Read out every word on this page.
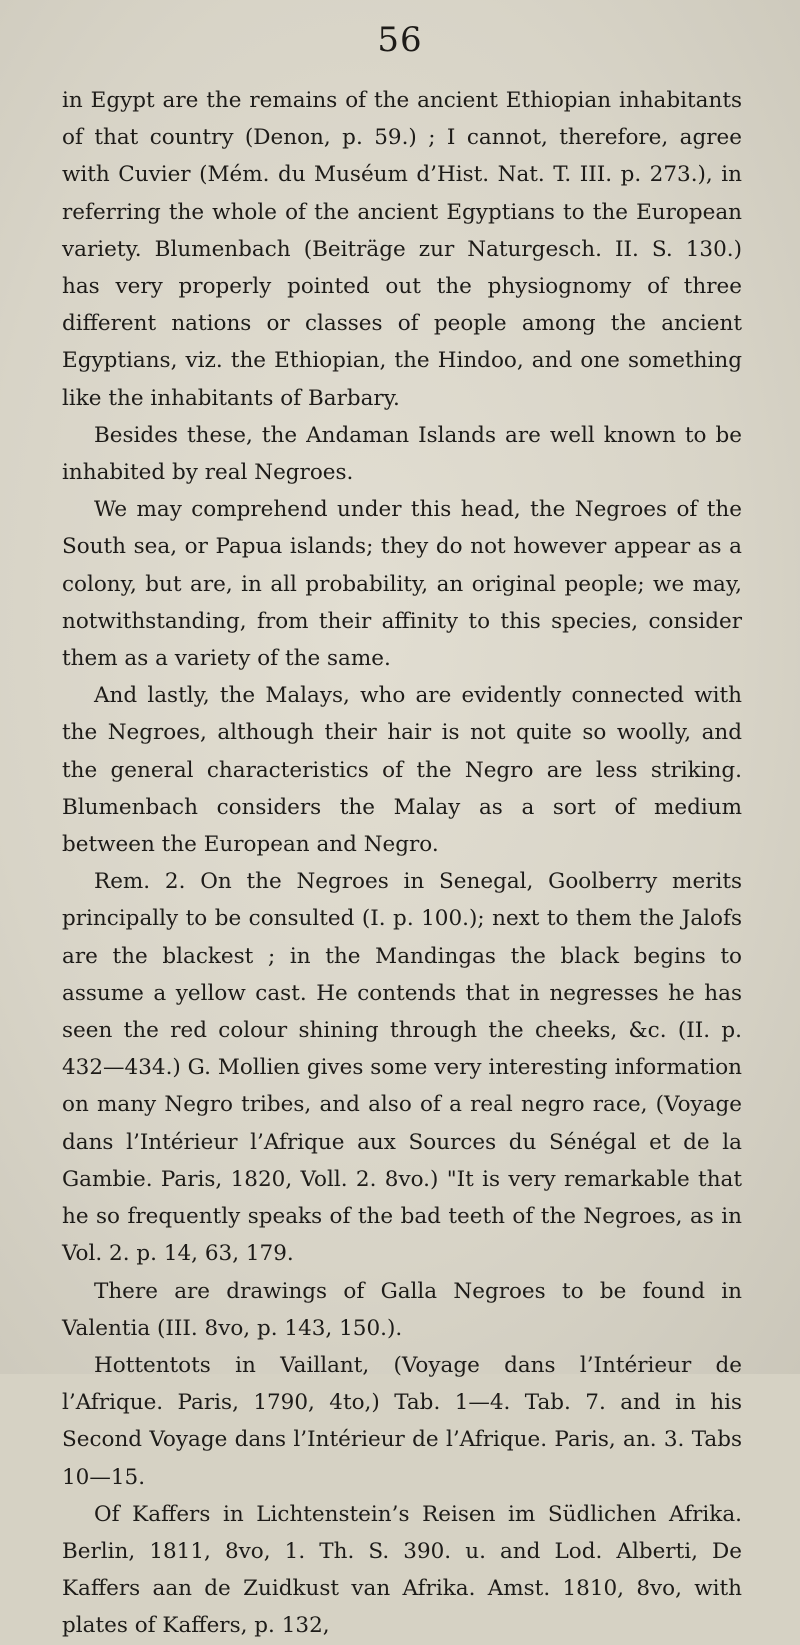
56

in Egypt are the remains of the ancient Ethiopian inhabitants of that country (Denon, p. 59.) ; I cannot, therefore, agree with Cuvier (Mém. du Muséum d’Hist. Nat. T. III. p. 273.), in referring the whole of the ancient Egyptians to the European variety. Blumenbach (Beiträge zur Naturgesch. II. S. 130.) has very properly pointed out the physiognomy of three different nations or classes of people among the ancient Egyptians, viz. the Ethiopian, the Hindoo, and one something like the inhabitants of Barbary.

Besides these, the Andaman Islands are well known to be inhabited by real Negroes.

We may comprehend under this head, the Negroes of the South sea, or Papua islands; they do not however appear as a colony, but are, in all probability, an original people; we may, notwithstanding, from their affinity to this species, consider them as a variety of the same.

And lastly, the Malays, who are evidently connected with the Negroes, although their hair is not quite so woolly, and the general characteristics of the Negro are less striking. Blumenbach considers the Malay as a sort of medium between the European and Negro.

Rem. 2. On the Negroes in Senegal, Goolberry merits principally to be consulted (I. p. 100.); next to them the Jalofs are the blackest ; in the Mandingas the black begins to assume a yellow cast. He contends that in negresses he has seen the red colour shining through the cheeks, &c. (II. p. 432—434.) G. Mollien gives some very interesting information on many Negro tribes, and also of a real negro race, (Voyage dans l’Intérieur l’Afrique aux Sources du Sénégal et de la Gambie. Paris, 1820, Voll. 2. 8vo.) "It is very remarkable that he so frequently speaks of the bad teeth of the Negroes, as in Vol. 2. p. 14, 63, 179.

There are drawings of Galla Negroes to be found in Valentia (III. 8vo, p. 143, 150.).

Hottentots in Vaillant, (Voyage dans l’Intérieur de l’Afrique. Paris, 1790, 4to,) Tab. 1—4. Tab. 7. and in his Second Voyage dans l’Intérieur de l’Afrique. Paris, an. 3. Tabs 10—15.

Of Kaffers in Lichtenstein’s Reisen im Südlichen Afrika. Berlin, 1811, 8vo, 1. Th. S. 390. u. and Lod. Alberti, De Kaffers aan de Zuidkust van Afrika. Amst. 1810, 8vo, with plates of Kaffers, p. 132,
